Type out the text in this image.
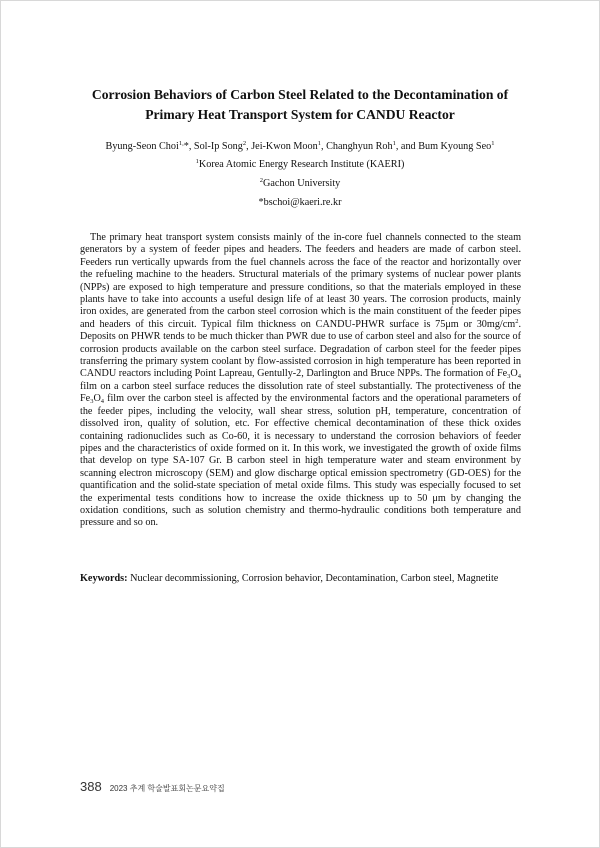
Corrosion Behaviors of Carbon Steel Related to the Decontamination of
Primary Heat Transport System for CANDU Reactor
Byung-Seon Choi$^{1,}$*, Sol-Ip Song$^2$, Jei-Kwon Moon$^1$, Changhyun Roh$^1$, and Bum Kyoung Seo$^1$
$^1$Korea Atomic Energy Research Institute (KAERI)
$^2$Gachon University
*bschoi@kaeri.re.kr

The primary heat transport system consists mainly of the in-core fuel channels connected to the steam generators by a system of feeder pipes and headers. The feeders and headers are made of carbon steel. Feeders run vertically upwards from the fuel channels across the face of the reactor and horizontally over the refueling machine to the headers. Structural materials of the primary systems of nuclear power plants (NPPs) are exposed to high temperature and pressure conditions, so that the materials employed in these plants have to take into accounts a useful design life of at least 30 years. The corrosion products, mainly iron oxides, are generated from the carbon steel corrosion which is the main constituent of the feeder pipes and headers of this circuit. Typical film thickness on CANDU-PHWR surface is 75μm or $30mg/cm^2$. Deposits on PHWR tends to be much thicker than PWR due to use of carbon steel and also for the source of corrosion products available on the carbon steel surface. Degradation of carbon steel for the feeder pipes transferring the primary system coolant by flow-assisted corrosion in high temperature has been reported in CANDU reactors including Point Lapreau, Gentully-2, Darlington and Bruce NPPs. The formation of $Fe_3O_4$ film on a carbon steel surface reduces the dissolution rate of steel substantially. The protectiveness of the $Fe_3O_4$ film over the carbon steel is affected by the environmental factors and the operational parameters of the feeder pipes, including the velocity, wall shear stress, solution pH, temperature, concentration of dissolved iron, quality of solution, etc. For effective chemical decontamination of these thick oxides containing radionuclides such as Co-60, it is necessary to understand the corrosion behaviors of feeder pipes and the characteristics of oxide formed on it. In this work, we investigated the growth of oxide films that develop on type SA-107 Gr. B carbon steel in high temperature water and steam environment by scanning electron microscopy (SEM) and glow discharge optical emission spectrometry (GD-OES) for the quantification and the solid-state speciation of metal oxide films. This study was especially focused to set the experimental tests conditions how to increase the oxide thickness up to 50 μm by changing the oxidation conditions, such as solution chemistry and thermo-hydraulic conditions both temperature and pressure and so on.

Keywords: Nuclear decommissioning, Corrosion behavior, Decontamination, Carbon steel, Magnetite
388 2023 추계 학술발표회논문요약집
